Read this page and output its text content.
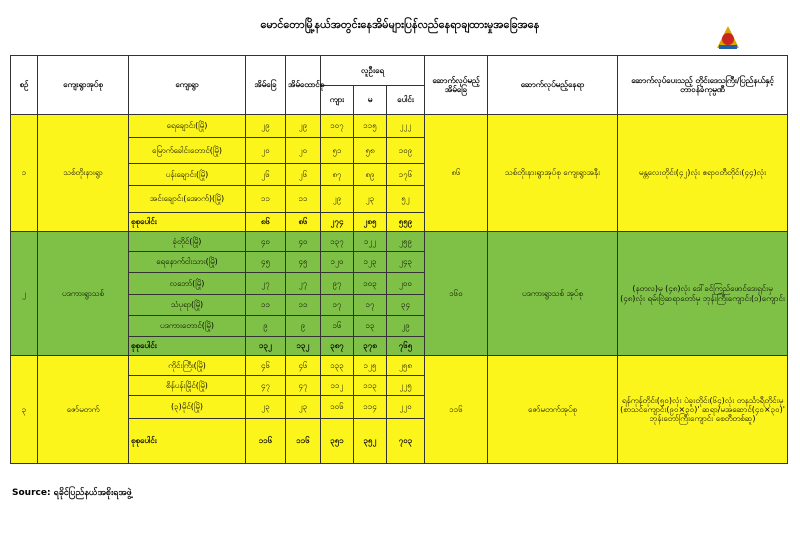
မောင်တောမြို့နယ်အတွင်းနေအိမ်များပြန်လည်နေရာချထားမှုအခြေအနေ
စဉ်	ကျေးရွာအုပ်စု	ကျေးရွာ	အိမ်ခြေ	အိမ်ထောင်စု	လူဦးရေ			ဆောက်လုပ်မည့်အိမ်ခြေ	ဆောက်လုပ်မည့်နေရာ	ဆောက်လုပ်ပေးသည့် တိုင်းဒေသကြီး/ပြည်နယ်နှင့် တာဝန်ခံကုမ္ပဏီ
					ကျား	မ	ပေါင်း			
၁	သစ်တိုးနားရွာ	ရေချောင်း(မြို)	၂၉	၂၉	၁၀၇	၁၁၅	၂၂၂	၈၆	သစ်တိုးနားရွာအုပ်စု ကျေးရွာအနီး	မန္တလေးတိုင်း(၄၂)လုံး ဧရာဝတီတိုင်း(၄၄)လုံး
		မြောက်ခေါင်းတောင်(မြို)	၂၀	၂၀	၅၁	၅၈	၁၀၉			
		ပန်းချောင်း(မြို)	၂၆	၂၆	၈၇	၈၉	၁၇၆			
		အင်းချောင်း(အောက်)(မြို)	၁၁	၁၁	၂၉	၂၃	၅၂			
		စုစုပေါင်း	၈၆	၈၆	၂၇၄	၂၈၅	၅၅၉			
၂	ပဒကားရွာသစ်	ခုံတိုင်(မြို)	၄၀	၄၀	၁၃၇	၁၂၂	၂၅၉	၁၆၀	ပဒကားရွာသစ် အုပ်စု	(နတလ)မှ (၄၈)လုံး ဒေါ်ခင်ကြည်ဖောင်ဒေးရှင်းမှ (၄၈)လုံး ရမ်းဗြဲဆရာတော်မှ ဘုန်းကြီးကျောင်း(၁)ကျောင်း
		ရေနောက်ငါးသား(မြို)	၄၅	၄၅	၁၂၀	၁၂၃	၂၄၃			
		လဘော်(မြို)	၂၇	၂၇	၉၇	၁၀၃	၂၀၀			
		သံပုရာ(မြို)	၁၁	၁၁	၁၇	၁၇	၃၄			
		ပဒကားတောင်(မြို)	၉	၉	၁၆	၁၃	၂၉			
		စုစုပေါင်း	၁၃၂	၁၃၂	၃၈၇	၃၇၈	၇၆၅			
၃	ဇော်မတက်	ကိုင်းကြီး(မြို)	၄၆	၄၆	၁၃၃	၁၂၅	၂၅၈	၁၁၆	ဇော်မတက်အုပ်စု	ရန်ကုန်တိုင်း(၅၀)လုံး ပဲခူးတိုင်း(၆၄)လုံး တနင်္သာရီတိုင်းမှ (စာသင်ကျောင်း(၉၀×၃၀)' ဆရာ/မအဆောင်(၄၀×၃၀)' ဘုန်းတော်ကြီးကျောင်း စေတီတစ်ဆူ)
		စိန်ပန်းမြိုင်(မြို)	၄၇	၄၇	၁၁၂	၁၁၃	၂၂၅			
		(၃)မိုင်(မြို)	၂၃	၂၃	၁၀၆	၁၁၄	၂၂၀			
		စုစုပေါင်း	၁၁၆	၁၁၆	၃၅၁	၃၅၂	၇၀၃			
Source: ရခိုင်ပြည်နယ်အစိုးရအဖွဲ့
